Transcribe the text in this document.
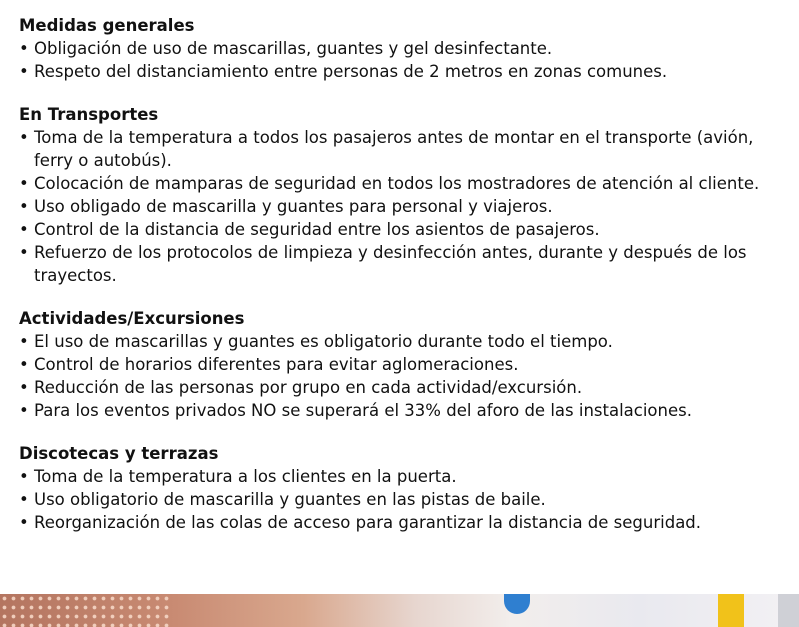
Medidas generales

• Obligación de uso de mascarillas, guantes y gel desinfectante.

• Respeto del distanciamiento entre personas de 2 metros en zonas comunes.

En Transportes

• Toma de la temperatura a todos los pasajeros antes de montar en el transporte (avión, ferry o autobús).

• Colocación de mamparas de seguridad en todos los mostradores de atención al cliente.

• Uso obligado de mascarilla y guantes para personal y viajeros.

• Control de la distancia de seguridad entre los asientos de pasajeros.

• Refuerzo de los protocolos de limpieza y desinfección antes, durante y después de los trayectos.

Actividades/Excursiones

• El uso de mascarillas y guantes es obligatorio durante todo el tiempo.

• Control de horarios diferentes para evitar aglomeraciones.

• Reducción de las personas por grupo en cada actividad/excursión.

• Para los eventos privados NO se superará el 33% del aforo de las instalaciones.

Discotecas y terrazas

• Toma de la temperatura a los clientes en la puerta.

• Uso obligatorio de mascarilla y guantes en las pistas de baile.

• Reorganización de las colas de acceso para garantizar la distancia de seguridad.
